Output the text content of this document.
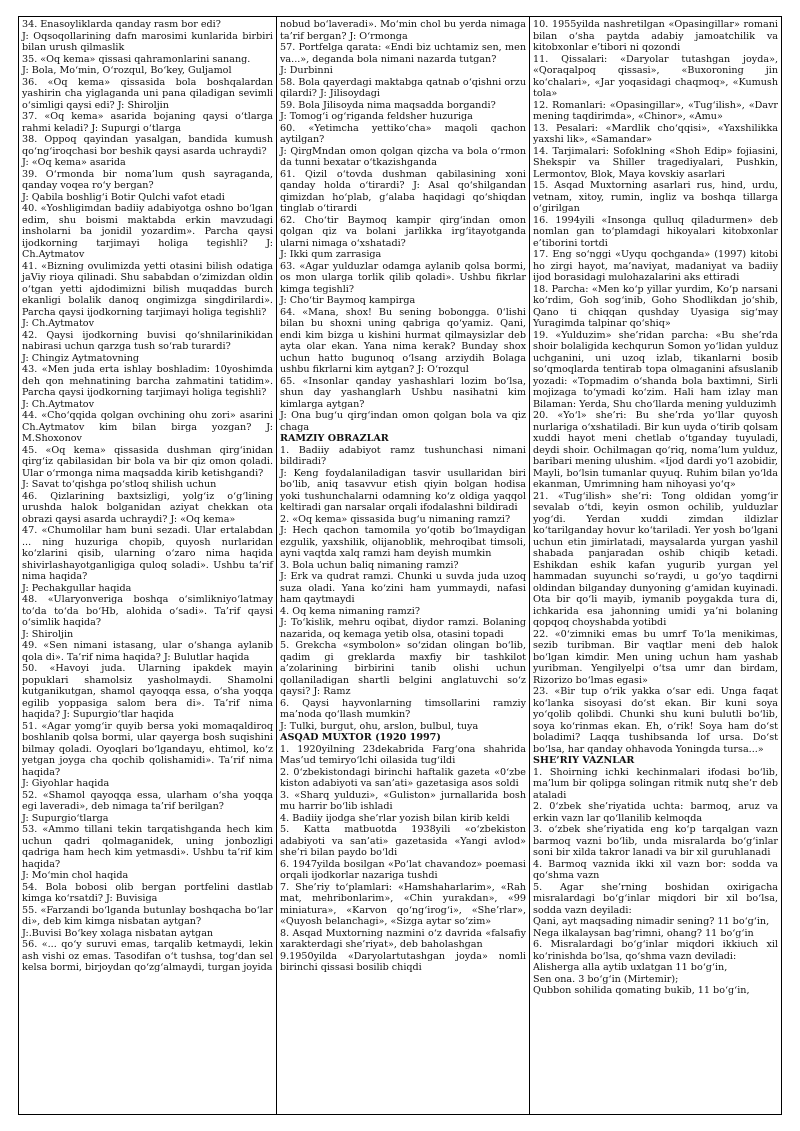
34. Enasoyliklarda qanday rasm bor edi?

J: Oqsoqollarining dafn marosimi kunlarida birbiri bilan urush qilmaslik

35. «Oq kema» qissasi qahramonlarini sanang.

J: Bola, Mo‘min, O‘rozqul, Bo‘key, Guljamol

36. «Oq kema» qissasida bola boshqalardan yashirin cha yiglaganda uni pana qiladigan sevimli o‘simligi qaysi edi? J: Shiroljin

37. «Oq kema» asarida bojaning qaysi o‘tlarga rahmi keladi? J: Supurgi o‘tlarga

38. Oppoq qayindan yasalgan, bandida kumush qo‘ng‘iroqchasi bor beshik qaysi asarda uchraydi?

J: «Oq kema» asarida

39. O‘rmonda bir noma’lum qush sayraganda, qanday voqea ro‘y bergan?

J: Qabila boshlig‘i Botir Qulchi vafot etadi

40. «Yoshligimdan badiiy adabiyotga oshno bo‘lgan edim, shu boismi maktabda erkin mavzudagi insholarni ba jonidil yozardim». Parcha qaysi ijodkorning tarjimayi holiga tegishli? J: Ch.Aytmatov

41. «Bizning ovulimizda yetti otasini bilish odatiga jaViy rioya qilinadi. Shu sababdan o‘zimizdan oldin o‘tgan yetti ajdodimizni bilish muqaddas burch ekanligi bolalik danoq ongimizga singdirilardi». Parcha qaysi ijodkorning tarjimayi holiga tegishli?

J: Ch.Aytmatov

42. Qaysi ijodkorning buvisi qo‘shnilarinikidan nabirasi uchun qarzga tush so‘rab turardi?

J: Chingiz Aytmatovning

43. «Men juda erta ishlay boshladim: 10yoshimda deh qon mehnatining barcha zahmatini tatidim». Parcha qaysi ijodkorning tarjimayi holiga tegishli?

J: Ch.Aytmatov

44. «Cho‘qqida qolgan ovchining ohu zori» asarini Ch.Aytmatov kim bilan birga yozgan? J: M.Shoxonov

45. «Oq kema» qissasida dushman qirg‘inidan qirg‘iz qabilasidan bir bola va bir qiz omon qoladi. Ular o‘rmonga nima maqsadda kirib ketishgandi?

J: Savat to‘qishga po‘stloq shilish uchun

46. Qizlarining baxtsizligi, yolg‘iz o‘g‘lining urushda halok bolganidan aziyat chekkan ota obrazi qaysi asarda uchraydi? J: «Oq kema»

47. «Chumolilar ham buni sezadi. Ular ertalabdan ... ning huzuriga chopib, quyosh nurlaridan ko‘zlarini qisib, ularning o‘zaro nima haqida shivirlashayotganligiga quloq soladi». Ushbu ta’rif nima haqida?

J: Pechakgullar haqida

48. «Ularyonveriga boshqa o‘simlikniyo‘latmay to‘da to‘da bo‘Hb, alohida o‘sadi». Ta’rif qaysi o‘simlik haqida?

J: Shiroljin

49. «Sen nimani istasang, ular o‘shanga aylanib qola di». Ta’rif nima haqida? J: Bulutlar haqida

50. «Havoyi juda. Ularning ipakdek mayin popuklari shamolsiz yasholmaydi. Shamolni kutganikutgan, shamol qayoqqa essa, o‘sha yoqqa egilib yoppasiga salom bera di». Ta’rif nima haqida? J: Supurgio‘tlar haqida

51. «Agar yomg‘ir quyib bersa yoki momaqaldiroq boshlanib qolsa bormi, ular qayerga bosh suqishini bilmay qoladi. Oyoqlari bo‘lgandayu, ehtimol, ko‘z yetgan joyga cha qochib qolishamidi». Ta’rif nima haqida?

J: Giyohlar haqida

52. «Shamol qayoqqa essa, ularham o‘sha yoqqa egi laveradi», deb nimaga ta’rif berilgan?

J: Supurgio‘tlarga

53. «Ammo tillani tekin tarqatishganda hech kim uchun qadri qolmaganidek, uning jonbozligi qadriga ham hech kim yetmasdi». Ushbu ta’rif kim haqida?

J: Mo‘min chol haqida

54. Bola bobosi olib bergan portfelini dastlab kimga ko‘rsatdi? J: Buvisiga

55. «Farzandi bo‘lganda butunlay boshqacha bo‘lar di», deb kim kimga nisbatan aytgan?

J:.Buvisi Bo‘key xolaga nisbatan aytgan

56. «... qo‘y suruvi emas, tarqalib ketmaydi, lekin ash vishi oz emas. Tasodifan o‘t tushsa, tog‘dan sel kelsa bormi, birjoydan qo‘zg‘almaydi, turgan joyida

nobud bo‘laveradi». Mo‘min chol bu yerda nimaga ta’rif bergan? J: O‘rmonga

57. Portfelga qarata: «Endi biz uchtamiz sen, men va...», deganda bola nimani nazarda tutgan?

J: Durbinni

58. Bola qayerdagi maktabga qatnab o‘qishni orzu qilardi? J: Jilisoydagi

59. Bola Jilisoyda nima maqsadda borgandi?

J: Tomog‘i og‘riganda feldsher huzuriga

60. «Yetimcha yettiko‘cha» maqoli qachon aytilgan?

J: QirgMndan omon qolgan qizcha va bola o‘rmon da tunni bexatar o‘tkazishganda

61. Qizil o‘tovda dushman qabilasining xoni qanday holda o‘tirardi? J: Asal qo‘shilgandan qimizdan ho‘plab, g‘alaba haqidagi qo‘shiqdan tinglab o‘tirardi

62. Cho‘tir Baymoq kampir qirg‘indan omon qolgan qiz va bolani jarlikka irg‘itayotganda ularni nimaga o‘xshatadi?

J: Ikki qum zarrasiga

63. «Agar yulduzlar odamga aylanib qolsa bormi, os mon ularga torlik qilib qoladi». Ushbu fikrlar kimga tegishli?

J: Cho‘tir Baymoq kampirga

64. «Mana, shox! Bu sening bobongga. 0‘lishi bilan bu shoxni uning qabriga qo‘yamiz. Qani, endi kim bizga u kishini hurmat qilmaysizlar deb ayta olar ekan. Yana nima kerak? Bunday shox uchun hatto bugunoq o‘lsang arziydih Bolaga ushbu fikrlarni kim aytgan? J: O‘rozqul

65. «Insonlar qanday yashashlari lozim bo‘lsa, shun day yashanglarh Ushbu nasihatni kim kimlarga aytgan?

J: Ona bug‘u qirg‘indan omon qolgan bola va qiz chaga

RAMZIY OBRAZLAR

1. Badiiy adabiyot ramz tushunchasi nimani bildiradi?

J: Keng foydalaniladigan tasvir usullaridan biri bo‘lib, aniq tasavvur etish qiyin bolgan hodisa yoki tushunchalarni odamning ko‘z oldiga yaqqol keltiradi gan narsalar orqali ifodalashni bildiradi

2. «Oq kema» qissasida bug‘u nimaning ramzi?

J: Hech qachon tamomila yo‘qotib bo‘lmaydigan ezgulik, yaxshilik, olijanoblik, mehroqibat timsoli, ayni vaqtda xalq ramzi ham deyish mumkin

3. Bola uchun baliq nimaning ramzi?

J: Erk va qudrat ramzi. Chunki u suvda juda uzoq suza oladi. Yana ko‘zini ham yummaydi, nafasi ham qaytmaydi

4. Oq kema nimaning ramzi?

J: To‘kislik, mehru oqibat, diydor ramzi. Bolaning nazarida, oq kemaga yetib olsa, otasini topadi

5. Grekcha «symbolon» so‘zidan olingan bo‘lib, qadim gi greklarda maxfiy bir tashkilot a’zolarining birbirini tanib olishi uchun qollaniladigan shartli belgini anglatuvchi so‘z qaysi? J: Ramz

6. Qaysi hayvonlarning timsollarini ramziy ma’noda qo‘llash mumkin?

J: Tulki, burgut, ohu, arslon, bulbul, tuya

ASQAD MUXTOR (1920 1997)

1. 1920yilning 23dekabrida Farg‘ona shahrida Mas’ud temiryo‘lchi oilasida tug‘ildi

2. 0‘zbekistondagi birinchi haftalik gazeta «0‘zbe kiston adabiyoti va san’ati» gazetasiga asos soldi

3. «Sharq yulduzi», «Guliston» jurnallarida bosh mu harrir bo‘lib ishladi

4. Badiiy ijodga she’rlar yozish bilan kirib keldi

5. Katta matbuotda 1938yili «o‘zbekiston adabiyoti va san’ati» gazetasida «Yangi avlod» she’ri bilan paydo bo‘ldi

6. 1947yilda bosilgan «Po‘lat chavandoz» poemasi orqali ijodkorlar nazariga tushdi

7. She’riy to‘plamlari: «Hamshaharlarim», «Rah mat, mehribonlarim», «Chin yurakdan», «99 miniatura», «Karvon qo‘ng‘irog‘i», «She’rlar», «Quyosh belanchagi», «Sizga aytar so‘zim»

8. Asqad Muxtorning nazmini o‘z davrida «falsafiy xarakterdagi she’riyat», deb baholashgan

9.1950yilda «Daryolartutashgan joyda» nomli birinchi qissasi bosilib chiqdi

10. 1955yilda nashretilgan «Opasingillar» romani bilan o‘sha paytda adabiy jamoatchilik va kitobxonlar e’tibori ni qozondi

11. Qissalari: «Daryolar tutashgan joyda», «Qoraqalpoq qissasi», «Buxoroning jin ko‘chalari», «Jar yoqasidagi chaqmoq», «Kumush tola»

12. Romanlari: «Opasingillar», «Tug‘ilish», «Davr mening taqdirimda», «Chinor», «Amu»

13. Pesalari: «Mardlik cho‘qqisi», «Yaxshilikka yaxshi lik», «Samandar»

14. Tarjimalari: Sofoklning «Shoh Edip» fojiasini, Shekspir va Shiller tragediyalari, Pushkin, Lermontov, Blok, Maya kovskiy asarlari

15. Asqad Muxtorning asarlari rus, hind, urdu, vetnam, xitoy, rumin, ingliz va boshqa tillarga o‘girilgan

16. 1994yili «Insonga qulluq qiladurmen» deb nomlan gan to‘plamdagi hikoyalari kitobxonlar e’tiborini tortdi

17. Eng so‘nggi «Uyqu qochganda» (1997) kitobi ho zirgi hayot, ma’naviyat, madaniyat va badiiy ijod borasidagi mulohazalarini aks ettiradi

18. Parcha: «Men ko‘p yillar yurdim, Ko‘p narsani ko‘rdim, Goh sog‘inib, Goho Shodlikdan jo‘shib, Qano ti chiqqan qushday Uyasiga sig‘may Yuragimda talpinar qo‘shiq»

19. «Yulduzim» she’ridan parcha: «Bu she’rda shoir bolaligida kechqurun Somon yo‘lidan yulduz uchganini, uni uzoq izlab, tikanlarni bosib so‘qmoqlarda tentirab topa olmaganini afsuslanib yozadi: «Topmadim o‘shanda bola baxtimni, Sirli mojizaga to‘ymadi ko‘zim. Hali ham izlay man Bilaman: Yerda, Shu cho‘llarda mening yulduzimh

20. «Yo‘l» she’ri: Bu she’rda yo‘llar quyosh nurlariga o‘xshatiladi. Bir kun uyda o‘tirib qolsam xuddi hayot meni chetlab o‘tganday tuyuladi, deydi shoir. Ochilmagan qo‘riq, noma’lum yulduz, baribari mening ulushim. «Ijod dardi yo‘l azobidir, Mayli, bo‘lsin tumanlar quyuq. Ruhim bilan yo‘lda ekanman, Umrimning ham nihoyasi yo‘q»

21. «Tug‘ilish» she’ri: Tong oldidan yomg‘ir sevalab o‘tdi, keyin osmon ochilib, yulduzlar yog‘di. Yerdan xuddi zimdan ildizlar ko‘tarilganday hovur ko‘tariladi. Yer yosh bo‘lgani uchun etin jimirlatadi, maysalarda yurgan yashil shabada panjaradan oshib chiqib ketadi. Eshikdan eshik kafan yugurib yurgan yel hammadan suyunchi so‘raydi, u go‘yo taqdirni oldindan bilganday dunyoning g‘amidan kuyinadi. Ota bir qo‘li mayib, iymanib poygakda tura di, ichkarida esa jahonning umidi ya’ni bolaning qopqoq choyshabda yotibdi

22. «0‘zimniki emas bu umrf To‘la menikimas, sezib turibman. Bir vaqtlar meni deb halok bo‘lgan kimdir. Men uning uchun ham yashab yuribman. Yengilyelpi o‘tsa umr dan birdam, Rizorizo bo‘lmas egasi»

23. «Bir tup o‘rik yakka o‘sar edi. Unga faqat ko‘lanka sisoyasi do‘st ekan. Bir kuni soya yo‘qolib qolibdi. Chunki shu kuni bulutli bo‘lib, soya ko‘rinmas ekan. Eh, o‘rik! Soya ham do‘st boladimi? Laqqa tushibsanda lof ursa. Do‘st bo‘lsa, har qanday ohhavoda Yoningda tursa...»

SHE’RIY VAZNLAR

1. Shoirning ichki kechinmalari ifodasi bo‘lib, ma’lum bir qolipga solingan ritmik nutq she’r deb ataladi

2. 0‘zbek she’riyatida uchta: barmoq, aruz va erkin vazn lar qo‘llanilib kelmoqda

3. o‘zbek she’riyatida eng ko‘p tarqalgan vazn barmoq vazni bo‘lib, unda misralarda bo‘g‘inlar soni bir xilda takror lanadi va bir xil guruhlanadi

4. Barmoq vaznida ikki xil vazn bor: sodda va qo‘shma vazn

5. Agar she’rning boshidan oxirigacha misralardagi bo‘g‘inlar miqdori bir xil bo‘lsa, sodda vazn deyiladi:

Qani, ayt maqsading nimadir sening? 11 bo‘g‘in,

Nega ilkalaysan bag‘rimni, ohang? 11 bo‘g‘in

6. Misralardagi bo‘g‘inlar miqdori ikkiuch xil ko‘rinishda bo‘lsa, qo‘shma vazn deviladi:

Alisherga alla aytib uxlatgan 11 bo‘g‘in,

Sen ona. 3 bo‘g‘in (Mirtemir);

Qubbon sohilida qomating bukib, 11 bo‘g‘in,
